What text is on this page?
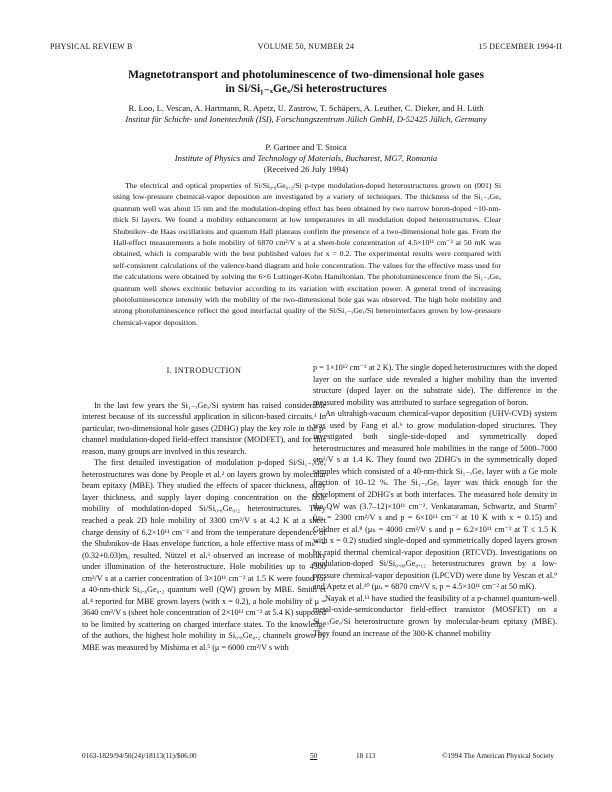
PHYSICAL REVIEW B	VOLUME 50, NUMBER 24	15 DECEMBER 1994-II
Magnetotransport and photoluminescence of two-dimensional hole gases
in Si/Si₁₋ₓGeₓ/Si heterostructures
R. Loo, L. Vescan, A. Hartmann, R. Apetz, U. Zastrow, T. Schäpers, A. Leuther, C. Dieker, and H. Lüth
Institut für Schicht- und Ionentechnik (ISI), Forschungszentrum Jülich GmbH, D-52425 Jülich, Germany
P. Gartner and T. Stoica
Institute of Physics and Technology of Materials, Bucharest, MG7, Romania
(Received 26 July 1994)

The electrical and optical properties of Si/Si₀.₈Ge₀.₂/Si p-type modulation-doped heterostructures grown on (001) Si using low-pressure chemical-vapor deposition are investigated by a variety of techniques. The thickness of the Si₁₋ₓGeₓ quantum well was about 15 nm and the modulation-doping effect has been obtained by two narrow boron-doped ~10-nm-thick Si layers. We found a mobility enhancement at low temperatures in all modulation doped heterostructures. Clear Shubnikov–de Haas oscillations and quantum Hall plateaus confirm the presence of a two-dimensional hole gas. From the Hall-effect measurements a hole mobility of 6870 cm²/V s at a sheet-hole concentration of 4.5×10¹¹ cm⁻² at 50 mK was obtained, which is comparable with the best published values for x = 0.2. The experimental results were compared with self-consistent calculations of the valence-band diagram and hole concentration. The values for the effective mass used for the calculations were obtained by solving the 6×6 Luttinger-Kohn Hamiltonian. The photoluminescence from the Si₁₋ₓGeₓ quantum well shows excitonic behavior according to its variation with excitation power. A general trend of increasing photoluminescence intensity with the mobility of the two-dimensional hole gas was observed. The high hole mobility and strong photoluminescence reflect the good interfacial quality of the Si/Si₁₋ₓGeₓ/Si heterointerfaces grown by low-pressure chemical-vapor deposition.

I. INTRODUCTION

In the last few years the Si₁₋ₓGeₓ/Si system has raised considerable interest because of its successful application in silicon-based circuits.¹ In particular, two-dimensional hole gases (2DHG) play the key role in the p-channel modulation-doped field-effect transistor (MODFET), and for this reason, many groups are involved in this research.

The first detailed investigation of modulation p-doped Si/Si₁₋ₓGeₓ heterostructures was done by People et al.² on layers grown by molecular beam epitaxy (MBE). They studied the effects of spacer thickness, alloy layer thickness, and supply layer doping concentration on the hole mobility of modulation-doped Si/Si₀.₈Ge₀.₂ heterostructures. They reached a peak 2D hole mobility of 3300 cm²/V s at 4.2 K at a sheet charge density of 6.2×10¹¹ cm⁻² and from the temperature dependence of the Shubnikov-de Haas envelope function, a hole effective mass of mₕ* = (0.32+0.03)m₀ resulted. Nützel et al.³ observed an increase of mobility under illumination of the heterostructure. Hole mobilities up to 4300 cm²/V s at a carrier concentration of 3×10¹¹ cm⁻² at 1.5 K were found for a 40-nm-thick Si₀.₈Ge₀.₂ quantum well (QW) grown by MBE. Smith et al.⁴ reported for MBE grown layers (with x = 0.2), a hole mobility of μ = 3640 cm²/V s (sheet hole concentration of 2×10¹¹ cm⁻² at 5.4 K) supposed to be limited by scattering on charged interface states. To the knowledge of the authors, the highest hole mobility in Si₀.₈Ge₀.₂ channels grown by MBE was measured by Mishima et al.⁵ (μ = 6000 cm²/V s with

p = 1×10¹² cm⁻² at 2 K). The single doped heterostructures with the doped layer on the surface side revealed a higher mobility than the inverted structure (doped layer on the substrate side). The difference in the measured mobility was attributed to surface segregation of boron.

An ultrahigh-vacuum chemical-vapor deposition (UHV-CVD) system was used by Fang et al.⁶ to grow modulation-doped structures. They investigated both single-side-doped and symmetrically doped heterostructures and measured hole mobilities in the range of 5000–7000 cm²/V s at 1.4 K. They found two 2DHG's in the symmetrically doped samples which consisted of a 40-nm-thick Si₁₋ₓGeₓ layer with a Ge mole fraction of 10–12 %. The Si₁₋ₓGeₓ layer was thick enough for the development of 2DHG's at both interfaces. The measured hole density in the QW was (3.7–12)×10¹¹ cm⁻². Venkataraman, Schwartz, and Sturm⁷ (μₕ = 2300 cm²/V s and p = 6×10¹¹ cm⁻² at 10 K with x = 0.15) and Guldner et al.⁸ (μₕ = 4000 cm²/V s and p = 6.2×10¹¹ cm⁻² at T ≤ 1.5 K with x = 0.2) studied single-doped and symmetrically doped layers grown by rapid thermal chemical-vapor deposition (RTCVD). Investigations on modulation-doped Si/Si₀.₈₈Ge₀.₁₂ heterostructures grown by a low-pressure chemical-vapor deposition (LPCVD) were done by Vescan et al.⁹ and Apetz et al.¹⁰ (μₕ = 6870 cm²/V s, p = 4.5×10¹¹ cm⁻² at 50 mK).

Nayak et al.¹¹ have studied the feasibility of a p-channel quantum-well metal-oxide-semiconductor field-effect transistor (MOSFET) on a Si₁₋ₓGeₓ/Si heterostructure grown by molecular-beam epitaxy (MBE). They found an increase of the 300-K channel mobility

0163-1829/94/50(24)/18113(11)/$06.00	50	18 113	©1994 The American Physical Society
